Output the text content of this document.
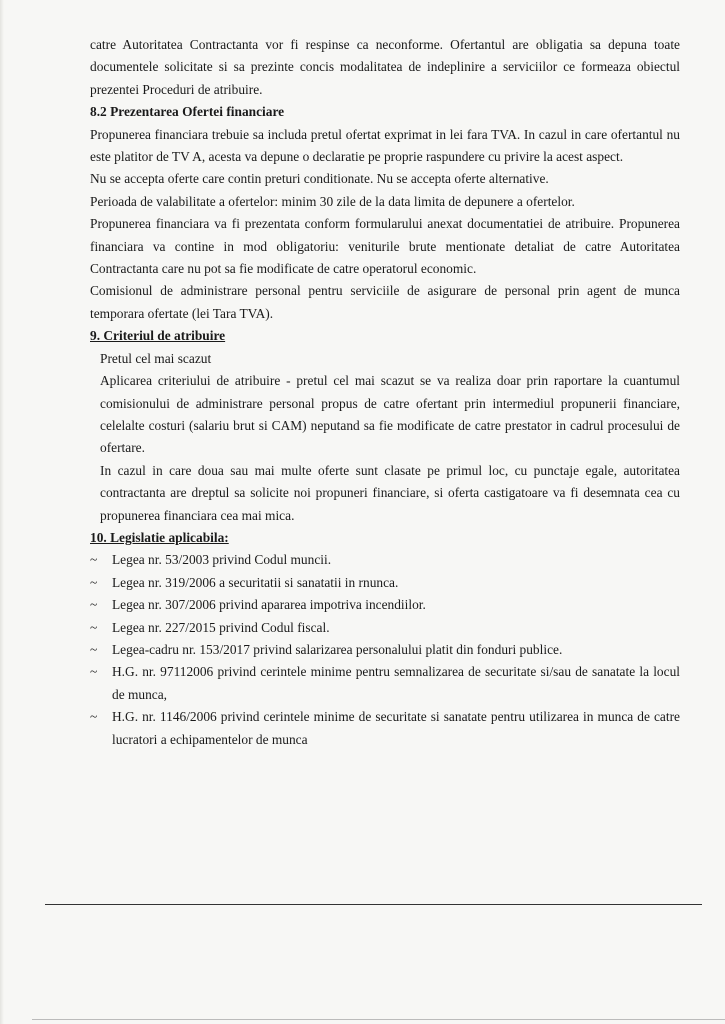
catre Autoritatea Contractanta vor fi respinse ca neconforme. Ofertantul are obligatia sa depuna toate documentele solicitate si sa prezinte concis modalitatea de indeplinire a serviciilor ce formeaza obiectul prezentei Proceduri de atribuire.

8.2 Prezentarea Ofertei financiare

Propunerea financiara trebuie sa includa pretul ofertat exprimat in lei fara TVA. In cazul in care ofertantul nu este platitor de TV A, acesta va depune o declaratie pe proprie raspundere cu privire la acest aspect.

Nu se accepta oferte care contin preturi conditionate. Nu se accepta oferte alternative.

Perioada de valabilitate a ofertelor: minim 30 zile de la data limita de depunere a ofertelor.

Propunerea financiara va fi prezentata conform formularului anexat documentatiei de atribuire. Propunerea financiara va contine in mod obligatoriu: veniturile brute mentionate detaliat de catre Autoritatea Contractanta care nu pot sa fie modificate de catre operatorul economic.

Comisionul de administrare personal pentru serviciile de asigurare de personal prin agent de munca temporara ofertate (lei Tara TVA).

9. Criteriul de atribuire

Pretul cel mai scazut

Aplicarea criteriului de atribuire - pretul cel mai scazut se va realiza doar prin raportare la cuantumul comisionului de administrare personal propus de catre ofertant prin intermediul propunerii financiare, celelalte costuri (salariu brut si CAM) neputand sa fie modificate de catre prestator in cadrul procesului de ofertare.

In cazul in care doua sau mai multe oferte sunt clasate pe primul loc, cu punctaje egale, autoritatea contractanta are dreptul sa solicite noi propuneri financiare, si oferta castigatoare va fi desemnata cea cu propunerea financiara cea mai mica.

10. Legislatie aplicabila:

~ Legea nr. 53/2003 privind Codul muncii.
~ Legea nr. 319/2006 a securitatii si sanatatii in rnunca.
~ Legea nr. 307/2006 privind apararea impotriva incendiilor.
~ Legea nr. 227/2015 privind Codul fiscal.
~ Legea-cadru nr. 153/2017 privind salarizarea personalului platit din fonduri publice.
~ H.G. nr. 97112006 privind cerintele minime pentru semnalizarea de securitate si/sau de sanatate la locul de munca,
~ H.G. nr. 1146/2006 privind cerintele minime de securitate si sanatate pentru utilizarea in munca de catre lucratori a echipamentelor de munca
